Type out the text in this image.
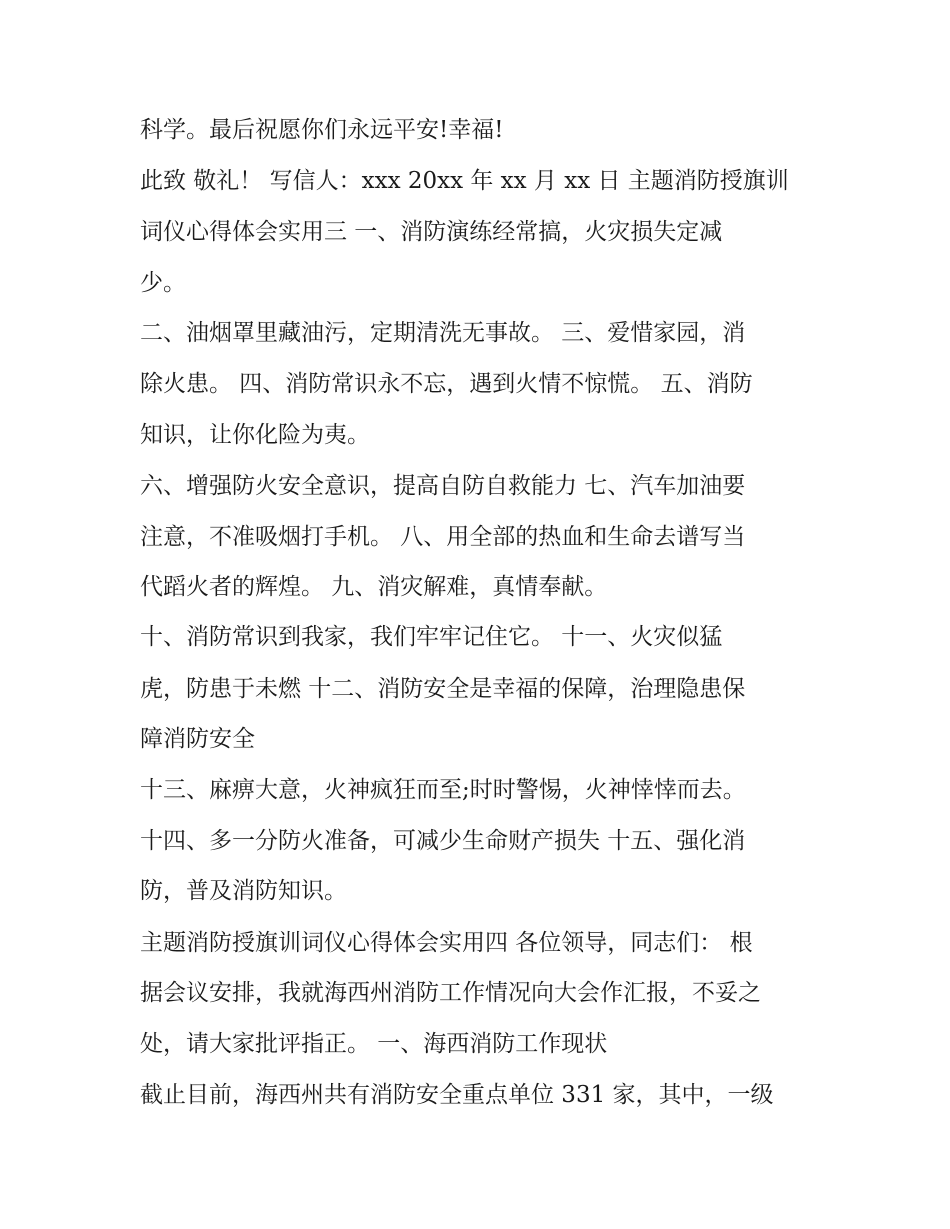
科学。最后祝愿你们永远平安!幸福!

此致 敬礼！ 写信人：xxx 20xx 年 xx 月 xx 日 主题消防授旗训

词仪心得体会实用三 一、消防演练经常搞，火灾损失定减

少。

二、油烟罩里藏油污，定期清洗无事故。 三、爱惜家园，消

除火患。 四、消防常识永不忘，遇到火情不惊慌。 五、消防

知识，让你化险为夷。

六、增强防火安全意识，提高自防自救能力 七、汽车加油要

注意，不准吸烟打手机。 八、用全部的热血和生命去谱写当

代蹈火者的辉煌。 九、消灾解难，真情奉献。

十、消防常识到我家，我们牢牢记住它。 十一、火灾似猛

虎，防患于未燃 十二、消防安全是幸福的保障，治理隐患保

障消防安全

十三、麻痹大意，火神疯狂而至;时时警惕，火神悻悻而去。

十四、多一分防火准备，可减少生命财产损失 十五、强化消

防，普及消防知识。

主题消防授旗训词仪心得体会实用四 各位领导，同志们： 根

据会议安排，我就海西州消防工作情况向大会作汇报，不妥之

处，请大家批评指正。 一、海西消防工作现状

截止目前，海西州共有消防安全重点单位 331 家，其中，一级
